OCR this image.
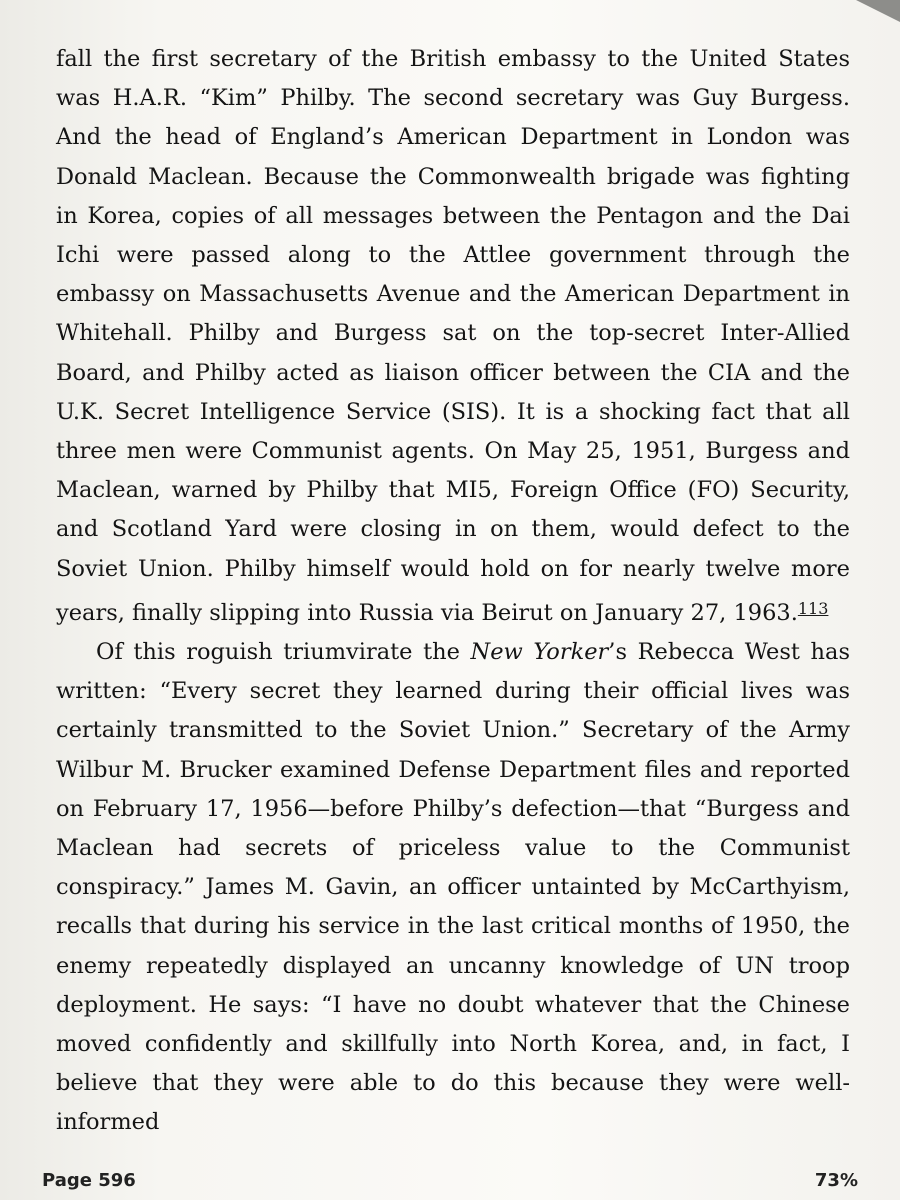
fall the first secretary of the British embassy to the United States was H.A.R. “Kim” Philby. The second secretary was Guy Burgess. And the head of England’s American Department in London was Donald Maclean. Because the Commonwealth brigade was fighting in Korea, copies of all messages between the Pentagon and the Dai Ichi were passed along to the Attlee government through the embassy on Massachusetts Avenue and the American Department in Whitehall. Philby and Burgess sat on the top-secret Inter-Allied Board, and Philby acted as liaison officer between the CIA and the U.K. Secret Intelligence Service (SIS). It is a shocking fact that all three men were Communist agents. On May 25, 1951, Burgess and Maclean, warned by Philby that MI5, Foreign Office (FO) Security, and Scotland Yard were closing in on them, would defect to the Soviet Union. Philby himself would hold on for nearly twelve more years, finally slipping into Russia via Beirut on January 27, 1963.$^{113}$

Of this roguish triumvirate the New Yorker’s Rebecca West has written: “Every secret they learned during their official lives was certainly transmitted to the Soviet Union.” Secretary of the Army Wilbur M. Brucker examined Defense Department files and reported on February 17, 1956—before Philby’s defection—that “Burgess and Maclean had secrets of priceless value to the Communist conspiracy.” James M. Gavin, an officer untainted by McCarthyism, recalls that during his service in the last critical months of 1950, the enemy repeatedly displayed an uncanny knowledge of UN troop deployment. He says: “I have no doubt whatever that the Chinese moved confidently and skillfully into North Korea, and, in fact, I believe that they were able to do this because they were well-informed

Page 596	73%
